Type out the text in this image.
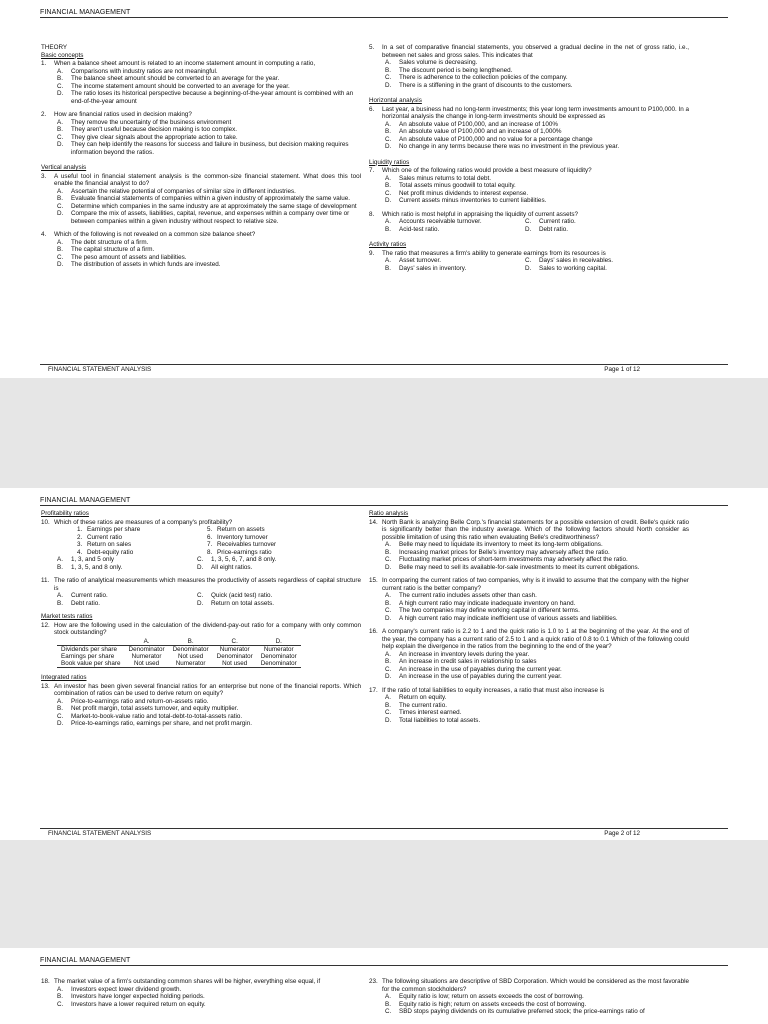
FINANCIAL MANAGEMENT
THEORY
Basic concepts
1.	When a balance sheet amount is related to an income statement amount in computing a ratio,
A.	Comparisons with industry ratios are not meaningful.
B.	The balance sheet amount should be converted to an average for the year.
C.	The income statement amount should be converted to an average for the year.
D.	The ratio loses its historical perspective because a beginning-of-the-year amount is combined with an end-of-the-year amount
2.	How are financial ratios used in decision making?
A.	They remove the uncertainty of the business environment
B.	They aren't useful because decision making is too complex.
C.	They give clear signals about the appropriate action to take.
D.	They can help identify the reasons for success and failure in business, but decision making requires information beyond the ratios.
Vertical analysis
3.	A useful tool in financial statement analysis is the common-size financial statement. What does this tool enable the financial analyst to do?
A.	Ascertain the relative potential of companies of similar size in different industries.
B.	Evaluate financial statements of companies within a given industry of approximately the same value.
C.	Determine which companies in the same industry are at approximately the same stage of development
D.	Compare the mix of assets, liabilities, capital, revenue, and expenses within a company over time or between companies within a given industry without respect to relative size.
4.	Which of the following is not revealed on a common size balance sheet?
A.	The debt structure of a firm.
B.	The capital structure of a firm.
C.	The peso amount of assets and liabilities.
D.	The distribution of assets in which funds are invested.
5.	In a set of comparative financial statements, you observed a gradual decline in the net of gross ratio, i.e., between net sales and gross sales. This indicates that
A.	Sales volume is decreasing.
B.	The discount period is being lengthened.
C.	There is adherence to the collection policies of the company.
D.	There is a stiffening in the grant of discounts to the customers.
Horizontal analysis
6.	Last year, a business had no long-term investments; this year long term investments amount to P100,000. In a horizontal analysis the change in long-term investments should be expressed as
A.	An absolute value of P100,000, and an increase of 100%
B.	An absolute value of P100,000 and an increase of 1,000%
C.	An absolute value of P100,000 and no value for a percentage change
D.	No change in any terms because there was no investment in the previous year.
Liquidity ratios
7.	Which one of the following ratios would provide a best measure of liquidity?
A.	Sales minus returns to total debt.
B.	Total assets minus goodwill to total equity.
C.	Net profit minus dividends to interest expense.
D.	Current assets minus inventories to current liabilities.
8.	Which ratio is most helpful in appraising the liquidity of current assets?
A.	Accounts receivable turnover.	C.	Current ratio.
B.	Acid-test ratio.	D.	Debt ratio.
Activity ratios
9.	The ratio that measures a firm's ability to generate earnings from its resources is
A.	Asset turnover.	C.	Days' sales in receivables.
B.	Days' sales in inventory.	D.	Sales to working capital.
FINANCIAL STATEMENT ANALYSIS	Page 1 of 12
FINANCIAL MANAGEMENT
Profitability ratios
10. Which of these ratios are measures of a company's profitability?
1. Earnings per share	5. Return on assets
2. Current ratio	6. Inventory turnover
3. Return on sales	7. Receivables turnover
4. Debt-equity ratio	8. Price-earnings ratio
A.	1, 3, and 5 only	C.	1, 3, 5, 6, 7, and 8 only.
B.	1, 3, 5, and 8 only.	D.	All eight ratios.
11. The ratio of analytical measurements which measures the productivity of assets regardless of capital structure is
A.	Current ratio.	C.	Quick (acid test) ratio.
B.	Debt ratio.	D.	Return on total assets.
Market tests ratios
12. How are the following used in the calculation of the dividend-pay-out ratio for a company with only common stock outstanding?
	A.	B.	C.	D.
Dividends per share	Denominator	Denominator	Numerator	Numerator
Earnings per share	Numerator	Not used	Denominator	Denominator
Book value per share	Not used	Numerator	Not used	Denominator
Integrated ratios
13. An investor has been given several financial ratios for an enterprise but none of the financial reports. Which combination of ratios can be used to derive return on equity?
A.	Price-to-earnings ratio and return-on-assets ratio.
B.	Net profit margin, total assets turnover, and equity multiplier.
C.	Market-to-book-value ratio and total-debt-to-total-assets ratio.
D.	Price-to-earnings ratio, earnings per share, and net profit margin.
Ratio analysis
14. North Bank is analyzing Belle Corp.'s financial statements for a possible extension of credit. Belle's quick ratio is significantly better than the industry average. Which of the following factors should North consider as possible limitation of using this ratio when evaluating Belle's creditworthiness?
A.	Belle may need to liquidate its inventory to meet its long-term obligations.
B.	Increasing market prices for Belle's inventory may adversely affect the ratio.
C.	Fluctuating market prices of short-term investments may adversely affect the ratio.
D.	Belle may need to sell its available-for-sale investments to meet its current obligations.
15. In comparing the current ratios of two companies, why is it invalid to assume that the company with the higher current ratio is the better company?
A.	The current ratio includes assets other than cash.
B.	A high current ratio may indicate inadequate inventory on hand.
C.	The two companies may define working capital in different terms.
D.	A high current ratio may indicate inefficient use of various assets and liabilities.
16. A company's current ratio is 2.2 to 1 and the quick ratio is 1.0 to 1 at the beginning of the year. At the end of the year, the company has a current ratio of 2.5 to 1 and a quick ratio of 0.8 to 0.1 Which of the following could help explain the divergence in the ratios from the beginning to the end of the year?
A.	An increase in inventory levels during the year.
B.	An increase in credit sales in relationship to sales
C.	An increase in the use of payables during the current year.
D.	An increase in the use of payables during the current year.
17. If the ratio of total liabilities to equity increases, a ratio that must also increase is
A.	Return on equity.
B.	The current ratio.
C.	Times interest earned.
D.	Total liabilities to total assets.
FINANCIAL STATEMENT ANALYSIS	Page 2 of 12
FINANCIAL MANAGEMENT
18. The market value of a firm's outstanding common shares will be higher, everything else equal, if
A.	Investors expect lower dividend growth.
B.	Investors have longer expected holding periods.
C.	Investors have a lower required return on equity.
23. The following situations are descriptive of SBD Corporation. Which would be considered as the most favorable for the common stockholders?
A.	Equity ratio is low; return on assets exceeds the cost of borrowing.
B.	Equity ratio is high; return on assets exceeds the cost of borrowing.
C.	SBD stops paying dividends on its cumulative preferred stock; the price-earnings ratio of
